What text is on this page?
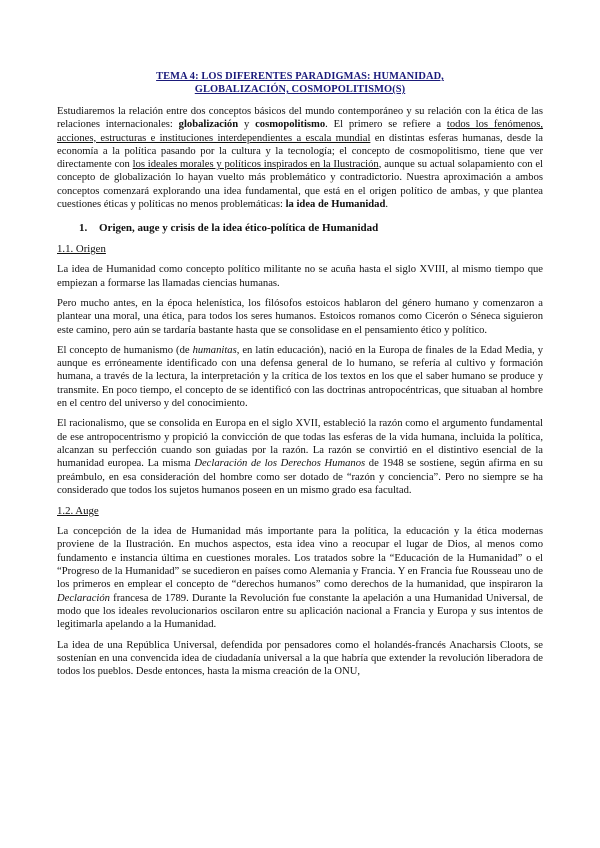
TEMA 4: LOS DIFERENTES PARADIGMAS: HUMANIDAD,
GLOBALIZACIÓN, COSMOPOLITISMO(S)

Estudiaremos la relación entre dos conceptos básicos del mundo contemporáneo y su relación con la ética de las relaciones internacionales: globalización y cosmopolitismo. El primero se refiere a todos los fenómenos, acciones, estructuras e instituciones interdependientes a escala mundial en distintas esferas humanas, desde la economía a la política pasando por la cultura y la tecnología; el concepto de cosmopolitismo, tiene que ver directamente con los ideales morales y políticos inspirados en la Ilustración, aunque su actual solapamiento con el concepto de globalización lo hayan vuelto más problemático y contradictorio. Nuestra aproximación a ambos conceptos comenzará explorando una idea fundamental, que está en el origen político de ambas, y que plantea cuestiones éticas y políticas no menos problemáticas: la idea de Humanidad.

1. Origen, auge y crisis de la idea ético-política de Humanidad
1.1. Origen

La idea de Humanidad como concepto político militante no se acuña hasta el siglo XVIII, al mismo tiempo que empiezan a formarse las llamadas ciencias humanas.

Pero mucho antes, en la época helenística, los filósofos estoicos hablaron del género humano y comenzaron a plantear una moral, una ética, para todos los seres humanos. Estoicos romanos como Cicerón o Séneca siguieron este camino, pero aún se tardaría bastante hasta que se consolidase en el pensamiento ético y político.

El concepto de humanismo (de humanitas, en latín educación), nació en la Europa de finales de la Edad Media, y aunque es erróneamente identificado con una defensa general de lo humano, se refería al cultivo y formación humana, a través de la lectura, la interpretación y la crítica de los textos en los que el saber humano se produce y transmite. En poco tiempo, el concepto de se identificó con las doctrinas antropocéntricas, que situaban al hombre en el centro del universo y del conocimiento.

El racionalismo, que se consolida en Europa en el siglo XVII, estableció la razón como el argumento fundamental de ese antropocentrismo y propició la convicción de que todas las esferas de la vida humana, incluida la política, alcanzan su perfección cuando son guiadas por la razón. La razón se convirtió en el distintivo esencial de la humanidad europea. La misma Declaración de los Derechos Humanos de 1948 se sostiene, según afirma en su preámbulo, en esa consideración del hombre como ser dotado de “razón y conciencia”. Pero no siempre se ha considerado que todos los sujetos humanos poseen en un mismo grado esa facultad.

1.2. Auge

La concepción de la idea de Humanidad más importante para la política, la educación y la ética modernas proviene de la Ilustración. En muchos aspectos, esta idea vino a reocupar el lugar de Dios, al menos como fundamento e instancia última en cuestiones morales. Los tratados sobre la “Educación de la Humanidad” o el “Progreso de la Humanidad” se sucedieron en países como Alemania y Francia. Y en Francia fue Rousseau uno de los primeros en emplear el concepto de “derechos humanos” como derechos de la humanidad, que inspiraron la Declaración francesa de 1789. Durante la Revolución fue constante la apelación a una Humanidad Universal, de modo que los ideales revolucionarios oscilaron entre su aplicación nacional a Francia y Europa y sus intentos de legitimarla apelando a la Humanidad.

La idea de una República Universal, defendida por pensadores como el holandés-francés Anacharsis Cloots, se sostenían en una convencida idea de ciudadanía universal a la que habría que extender la revolución liberadora de todos los pueblos. Desde entonces, hasta la misma creación de la ONU,
